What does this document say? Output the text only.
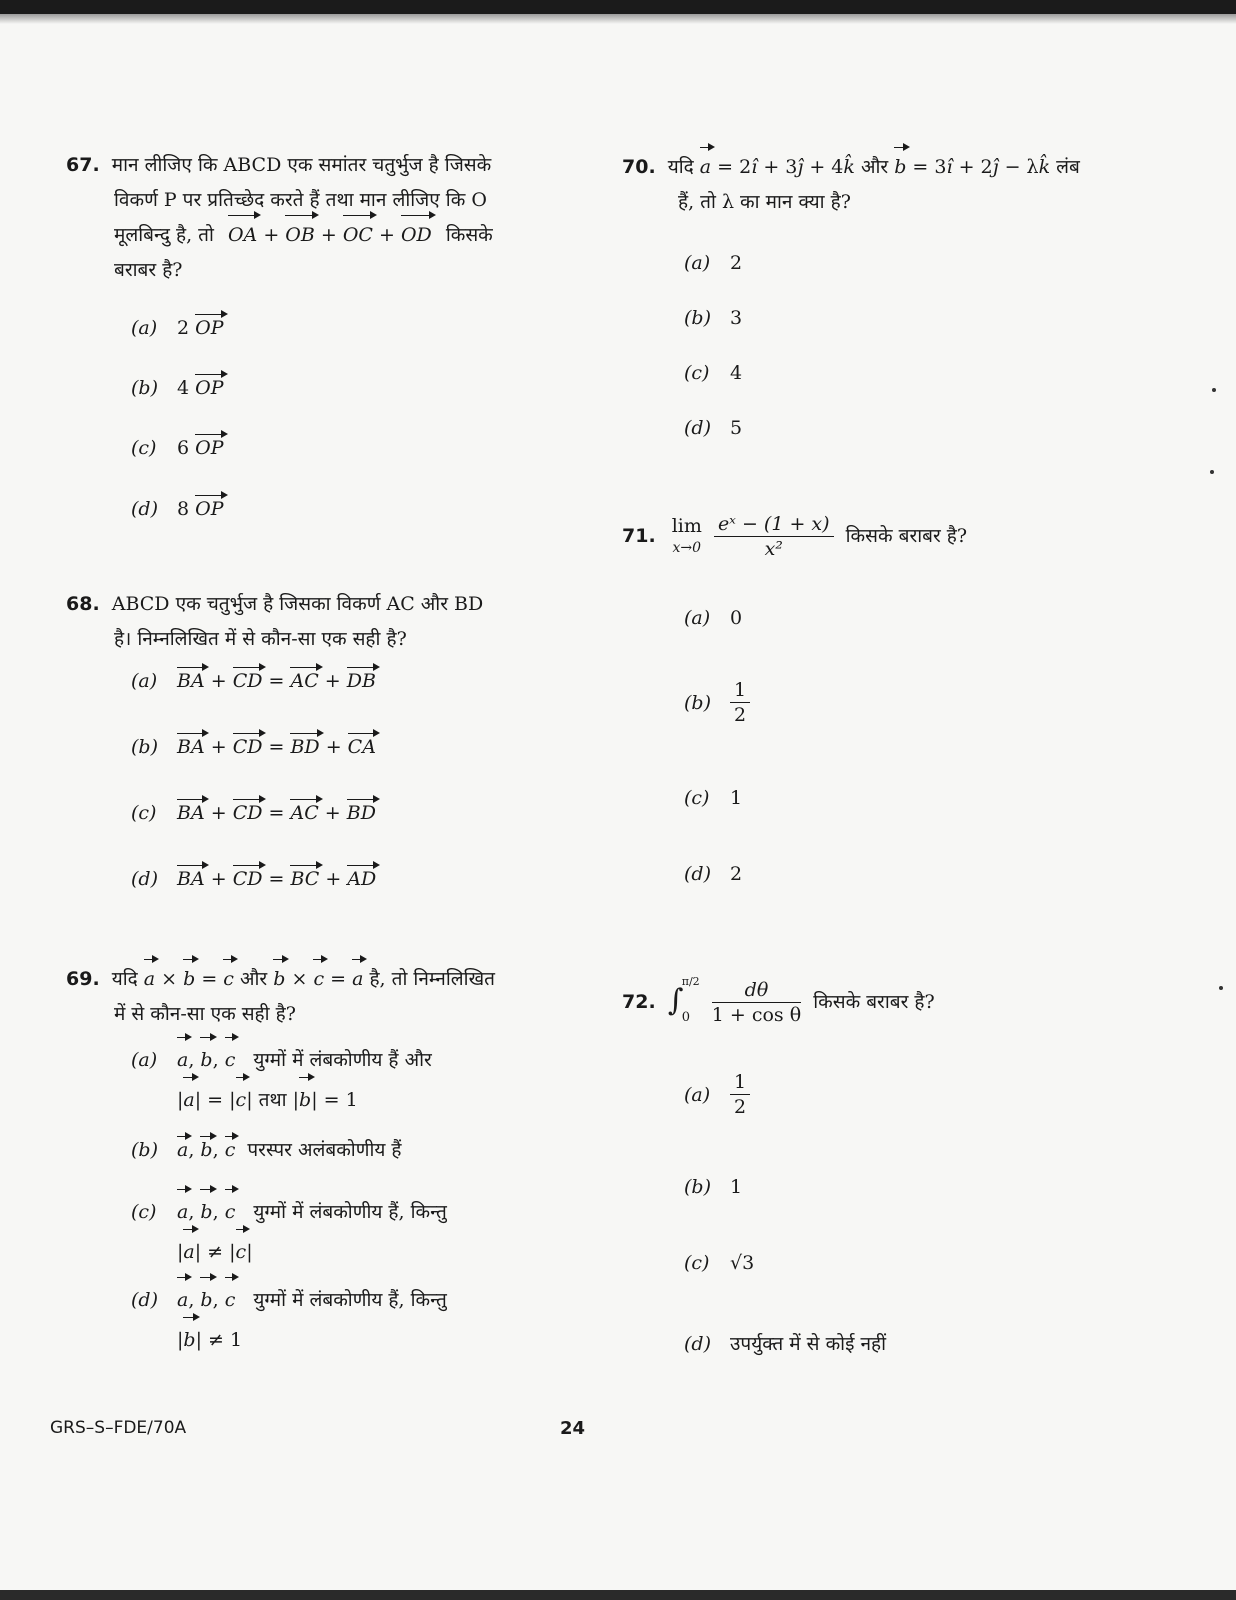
67. मान लीजिए कि ABCD एक समांतर चतुर्भुज है जिसके
विकर्ण P पर प्रतिच्छेद करते हैं तथा मान लीजिए कि O
मूलबिन्दु है, तो OA + OB + OC + OD किसके
बराबर है?
(a) 2 OP
(b) 4 OP
(c) 6 OP
(d) 8 OP
68. ABCD एक चतुर्भुज है जिसका विकर्ण AC और BD
है। निम्नलिखित में से कौन-सा एक सही है?
(a) BA + CD = AC + DB
(b) BA + CD = BD + CA
(c) BA + CD = AC + BD
(d) BA + CD = BC + AD
69. यदि a × b = c और b × c = a है, तो निम्नलिखित
में से कौन-सा एक सही है?
(a) a, b, c युग्मों में लंबकोणीय हैं और
|a| = |c| तथा |b| = 1
(b) a, b, c परस्पर अलंबकोणीय हैं
(c) a, b, c युग्मों में लंबकोणीय हैं, किन्तु
|a| ≠ |c|
(d) a, b, c युग्मों में लंबकोणीय हैं, किन्तु
|b| ≠ 1
70. यदि a = 2î + 3ĵ + 4k̂ और b = 3î + 2ĵ − λk̂ लंब
हैं, तो λ का मान क्या है?
(a) 2
(b) 3
(c) 4
(d) 5
71. lim
x→0
$\frac{\text{eˣ − (1 + x)}}{\text{x²}}$ किसके बराबर है?
(a) 0
$(b) \frac{1}{2}$
(c) 1
(d) 2
72. ∫
π/2
0
$\frac{d\theta}{\text{1 + cos θ}}$ किसके बराबर है?
$(a) \frac{1}{2}$
(b) 1
(c) √3
(d) उपर्युक्त में से कोई नहीं
GRS–S–FDE/70A	24
